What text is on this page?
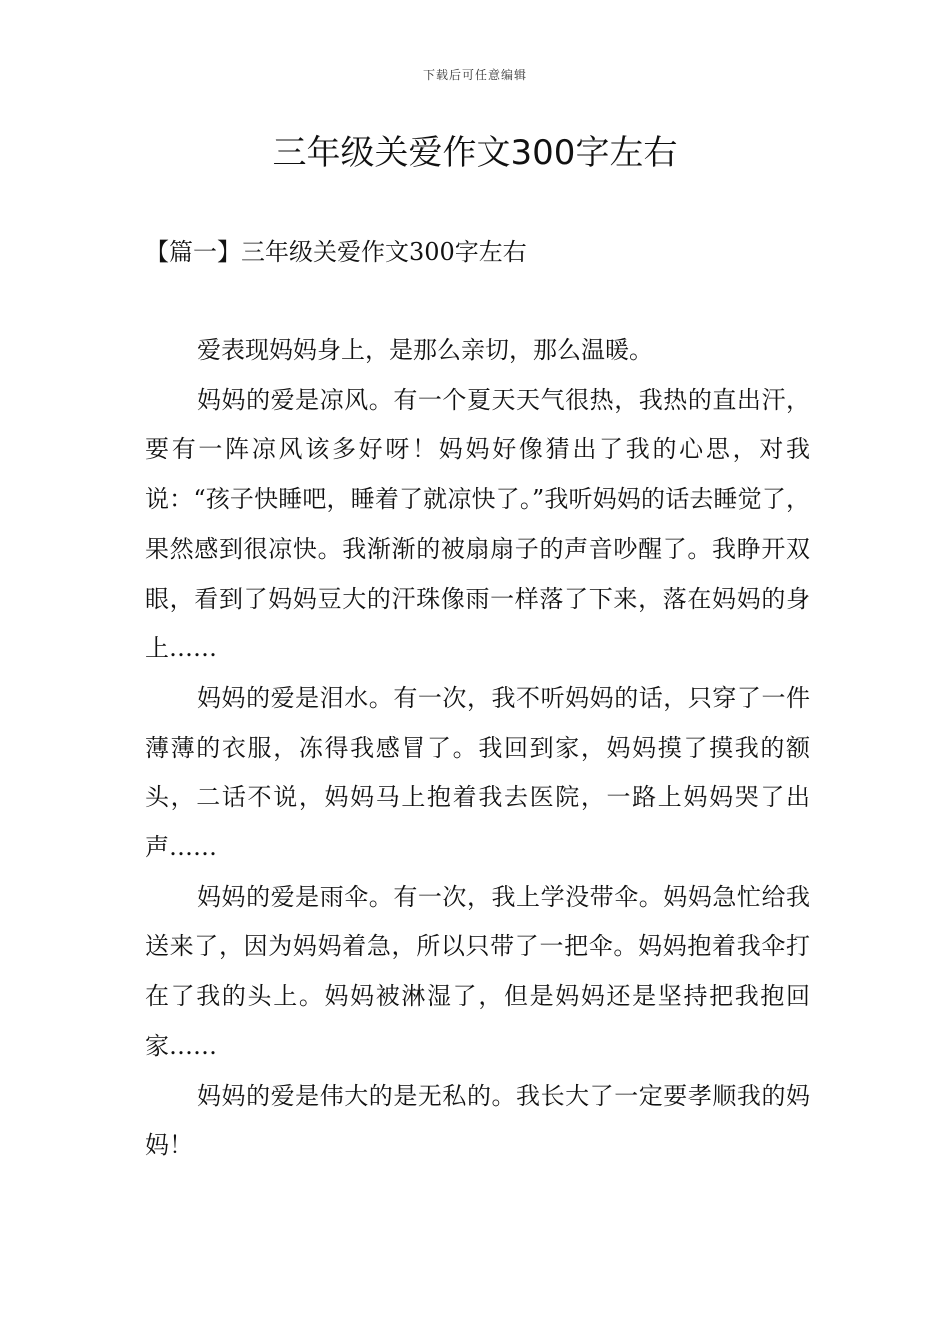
下载后可任意编辑
三年级关爱作文300字左右
【篇一】三年级关爱作文300字左右

爱表现妈妈身上，是那么亲切，那么温暖。

妈妈的爱是凉风。有一个夏天天气很热，我热的直出汗，要有一阵凉风该多好呀！妈妈好像猜出了我的心思，对我说：“孩子快睡吧，睡着了就凉快了。”我听妈妈的话去睡觉了，果然感到很凉快。我渐渐的被扇扇子的声音吵醒了。我睁开双眼，看到了妈妈豆大的汗珠像雨一样落了下来，落在妈妈的身上……

妈妈的爱是泪水。有一次，我不听妈妈的话，只穿了一件薄薄的衣服，冻得我感冒了。我回到家，妈妈摸了摸我的额头，二话不说，妈妈马上抱着我去医院，一路上妈妈哭了出声……

妈妈的爱是雨伞。有一次，我上学没带伞。妈妈急忙给我送来了，因为妈妈着急，所以只带了一把伞。妈妈抱着我伞打在了我的头上。妈妈被淋湿了，但是妈妈还是坚持把我抱回家……

妈妈的爱是伟大的是无私的。我长大了一定要孝顺我的妈妈！
